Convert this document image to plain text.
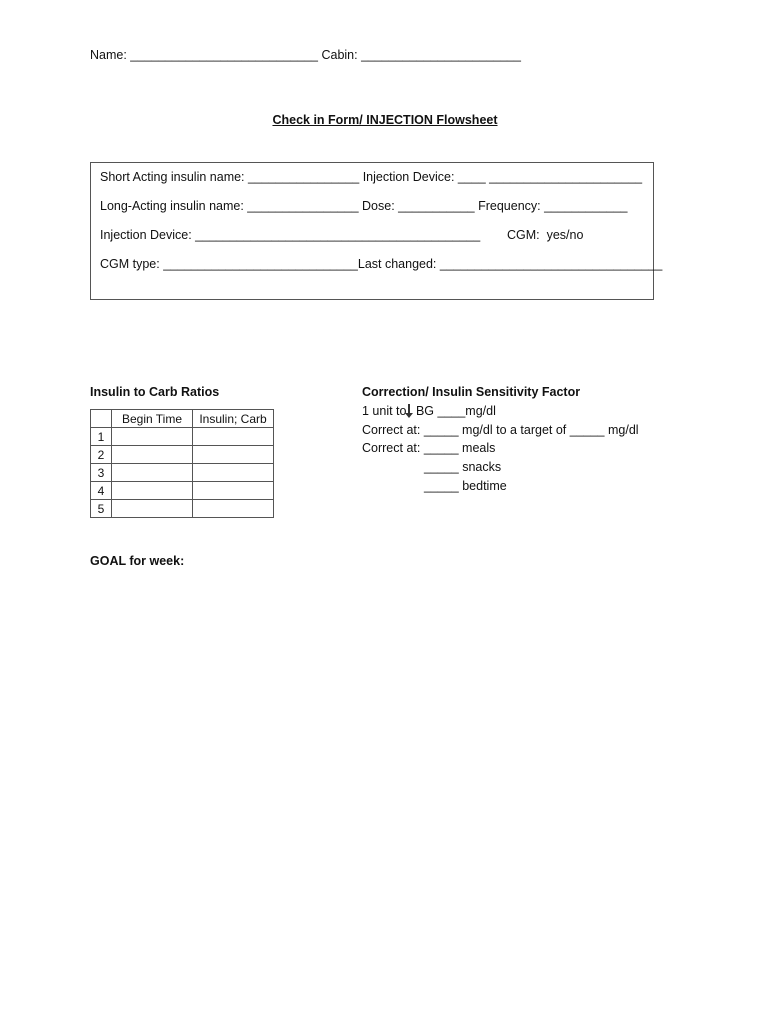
Name: ___________________________ Cabin: _______________________
Check in Form/ INJECTION Flowsheet
Short Acting insulin name: ________________ Injection Device: ____ ______________________
Long-Acting insulin name: ________________ Dose: ___________ Frequency: ____________
Injection Device: _________________________________________ CGM:  yes/no
CGM type: ____________________________Last changed: ________________________________
Insulin to Carb Ratios
	Begin Time	Insulin; Carb
1		
2		
3		
4		
5		
Correction/ Insulin Sensitivity Factor
1 unit to BG ____mg/dl
Correct at: _____ mg/dl to a target of _____ mg/dl
Correct at: _____ meals
_____ snacks
_____ bedtime
GOAL for week:
